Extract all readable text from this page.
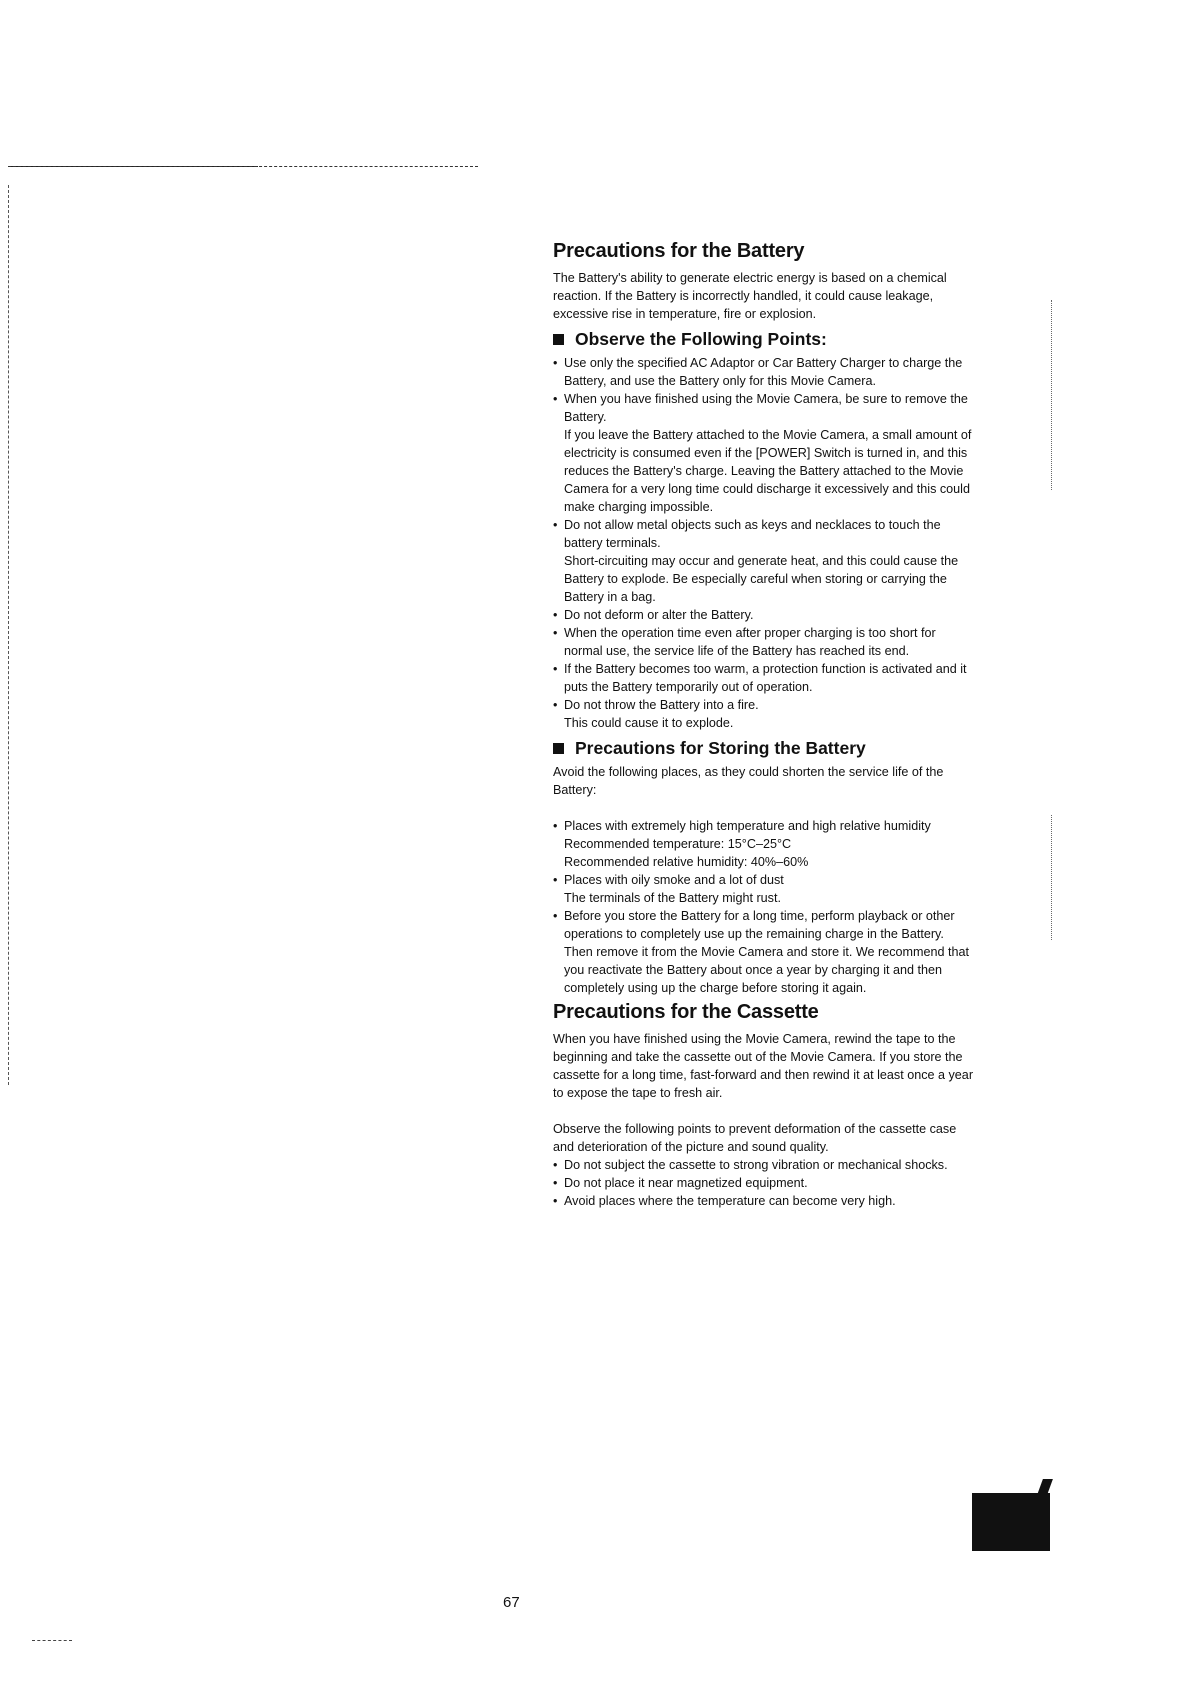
Precautions for the Battery

The Battery's ability to generate electric energy is based on a chemical reaction. If the Battery is incorrectly handled, it could cause leakage, excessive rise in temperature, fire or explosion.

Observe the Following Points:
• Use only the specified AC Adaptor or Car Battery Charger to charge the Battery, and use the Battery only for this Movie Camera.
• When you have finished using the Movie Camera, be sure to remove the Battery.
If you leave the Battery attached to the Movie Camera, a small amount of electricity is consumed even if the [POWER] Switch is turned in, and this reduces the Battery's charge. Leaving the Battery attached to the Movie Camera for a very long time could discharge it excessively and this could make charging impossible.
• Do not allow metal objects such as keys and necklaces to touch the battery terminals.
Short-circuiting may occur and generate heat, and this could cause the Battery to explode. Be especially careful when storing or carrying the Battery in a bag.
• Do not deform or alter the Battery.
• When the operation time even after proper charging is too short for normal use, the service life of the Battery has reached its end.
• If the Battery becomes too warm, a protection function is activated and it puts the Battery temporarily out of operation.
• Do not throw the Battery into a fire.
This could cause it to explode.
Precautions for Storing the Battery

Avoid the following places, as they could shorten the service life of the Battery:

• Places with extremely high temperature and high relative humidity
Recommended temperature: 15°C–25°C
Recommended relative humidity: 40%–60%
• Places with oily smoke and a lot of dust
The terminals of the Battery might rust.
• Before you store the Battery for a long time, perform playback or other operations to completely use up the remaining charge in the Battery. Then remove it from the Movie Camera and store it. We recommend that you reactivate the Battery about once a year by charging it and then completely using up the charge before storing it again.
Precautions for the Cassette

When you have finished using the Movie Camera, rewind the tape to the beginning and take the cassette out of the Movie Camera. If you store the cassette for a long time, fast-forward and then rewind it at least once a year to expose the tape to fresh air.

Observe the following points to prevent deformation of the cassette case and deterioration of the picture and sound quality.

• Do not subject the cassette to strong vibration or mechanical shocks.
• Do not place it near magnetized equipment.
• Avoid places where the temperature can become very high.
67
